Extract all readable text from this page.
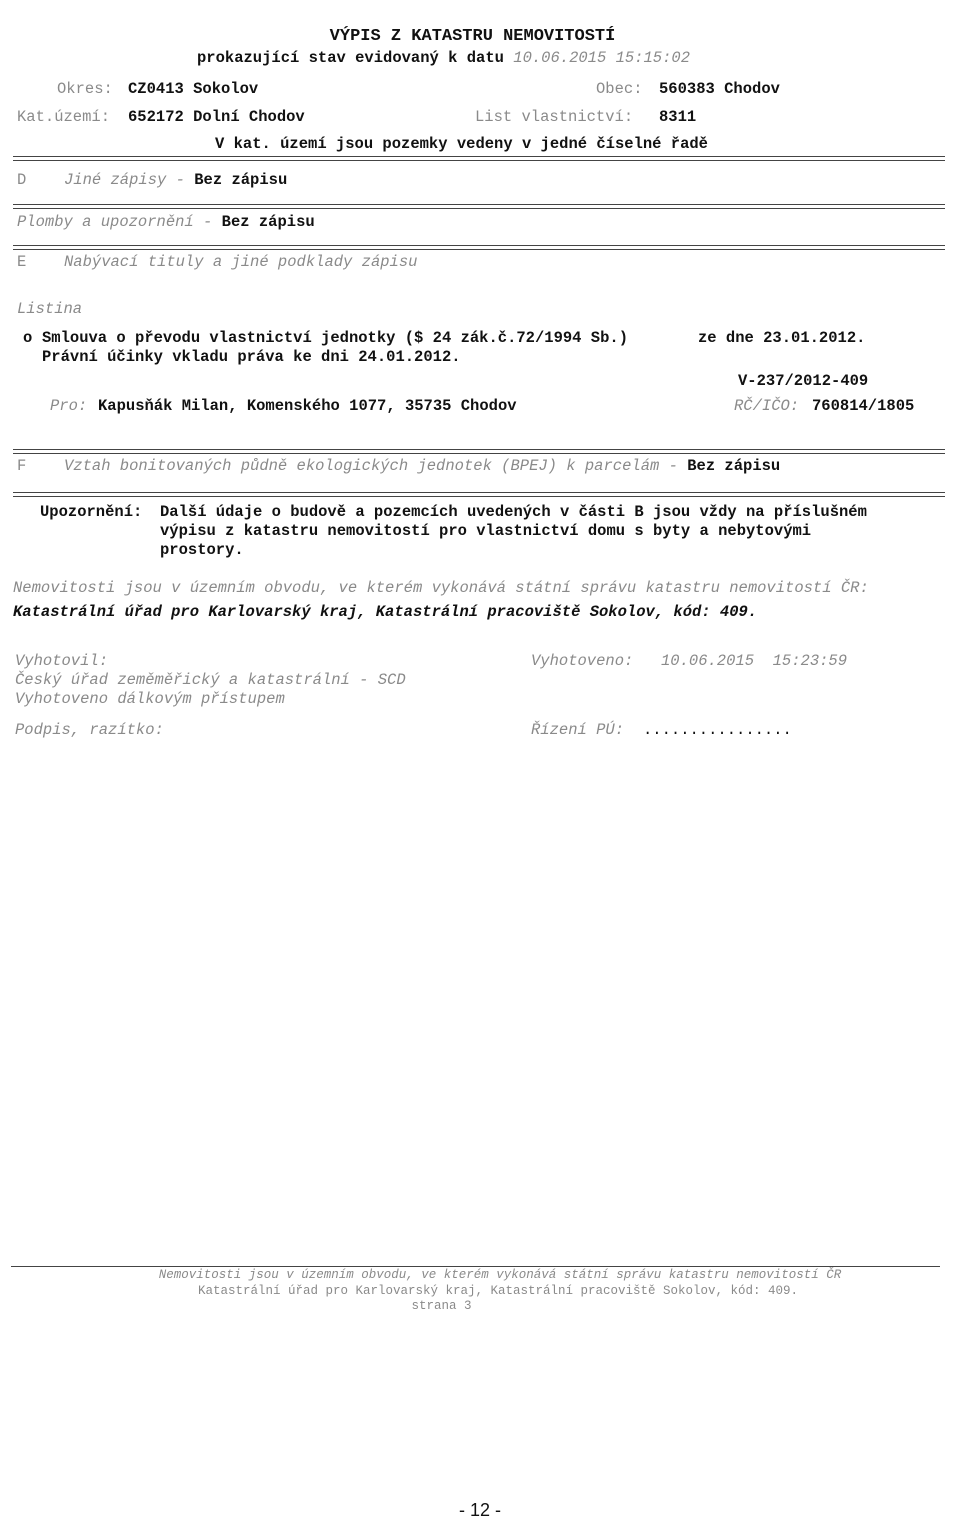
VÝPIS Z KATASTRU NEMOVITOSTÍ
prokazující stav evidovaný k datu 10.06.2015 15:15:02
Okres: CZ0413 Sokolov	Obec: 560383 Chodov
Kat.území: 652172 Dolní Chodov	List vlastnictví: 8311
V kat. území jsou pozemky vedeny v jedné číselné řadě
D Jiné zápisy - Bez zápisu
Plomby a upozornění - Bez zápisu
E Nabývací tituly a jiné podklady zápisu
Listina
o Smlouva o převodu vlastnictví jednotky ($ 24 zák.č.72/1994 Sb.)	ze dne 23.01.2012.
Právní účinky vkladu práva ke dni 24.01.2012.
V-237/2012-409
Pro: Kapusňák Milan, Komenského 1077, 35735 Chodov	RČ/IČO: 760814/1805
F Vztah bonitovaných půdně ekologických jednotek (BPEJ) k parcelám - Bez zápisu
Upozornění: Další údaje o budově a pozemcích uvedených v části B jsou vždy na příslušném
výpisu z katastru nemovitostí pro vlastnictví domu s byty a nebytovými
prostory.
Nemovitosti jsou v územním obvodu, ve kterém vykonává státní správu katastru nemovitostí ČR:
Katastrální úřad pro Karlovarský kraj, Katastrální pracoviště Sokolov, kód: 409.
Vyhotovil:
Český úřad zeměměřický a katastrální - SCD
Vyhotoveno dálkovým přístupem
Vyhotoveno: 10.06.2015  15:23:59
Podpis, razítko:	Řízení PÚ: ................
Nemovitosti jsou v územním obvodu, ve kterém vykonává státní správu katastru nemovitostí ČR
Katastrální úřad pro Karlovarský kraj, Katastrální pracoviště Sokolov, kód: 409.
strana 3
- 12 -
